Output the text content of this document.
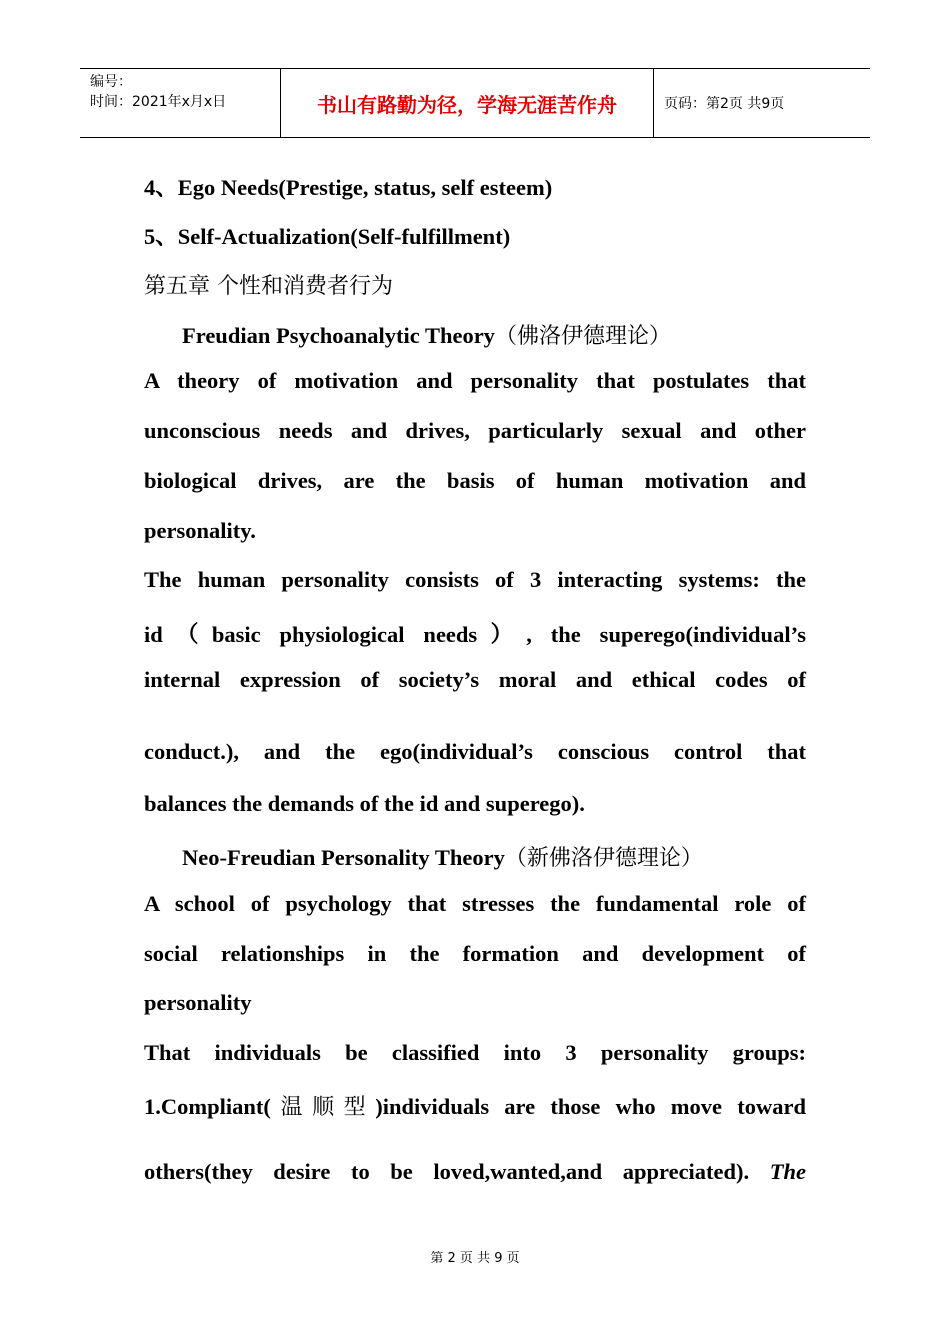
编号：
时间：2021年x月x日	书山有路勤为径，学海无涯苦作舟	页码：第2页 共9页
4、Ego Needs(Prestige, status, self esteem)
5、Self-Actualization(Self-fulfillment)
第五章 个性和消费者行为
Freudian Psychoanalytic Theory（佛洛伊德理论）
A theory of motivation and personality that postulates that
unconscious needs and drives, particularly sexual and other
biological drives, are the basis of human motivation and
personality.
The human personality consists of 3 interacting systems: the
id（basic physiological needs）, the superego(individual’s
internal expression of society’s moral and ethical codes of
conduct.), and the ego(individual’s conscious control that
balances the demands of the id and superego).
Neo-Freudian Personality Theory（新佛洛伊德理论）
A school of psychology that stresses the fundamental role of
social relationships in the formation and development of
personality
That individuals be classified into 3 personality groups:
1.Compliant(温顺型)individuals are those who move toward
others(they desire to be loved,wanted,and appreciated). The
第 2 页 共 9 页
